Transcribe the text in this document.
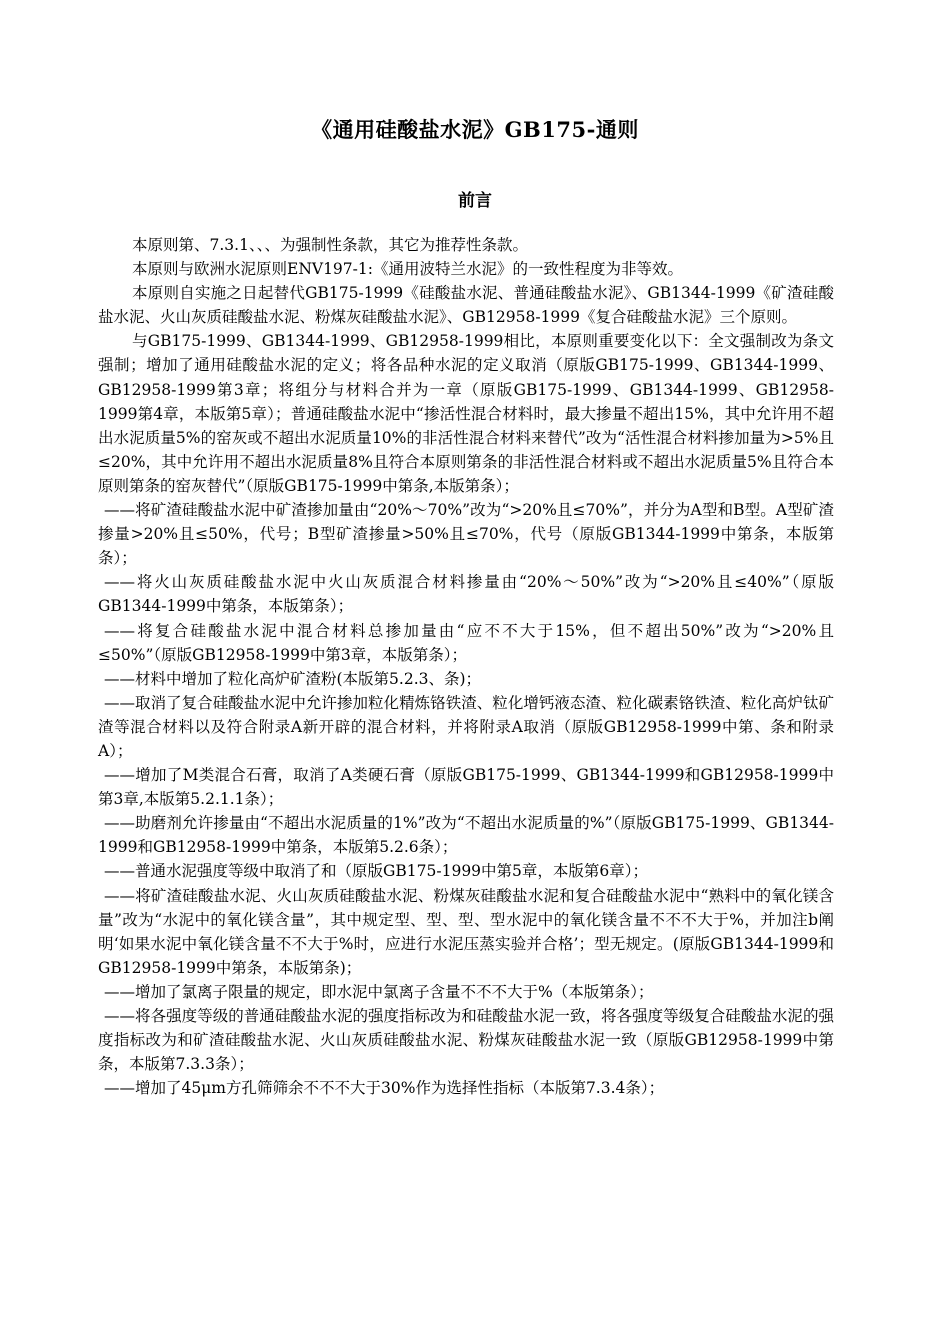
《通用硅酸盐水泥》GB175-通则
前言

本原则第、7.3.1、、、为强制性条款，其它为推荐性条款。

本原则与欧洲水泥原则ENV197-1:《通用波特兰水泥》的一致性程度为非等效。

本原则自实施之日起替代GB175-1999《硅酸盐水泥、普通硅酸盐水泥》、GB1344-1999《矿渣硅酸盐水泥、火山灰质硅酸盐水泥、粉煤灰硅酸盐水泥》、GB12958-1999《复合硅酸盐水泥》三个原则。

与GB175-1999、GB1344-1999、GB12958-1999相比，本原则重要变化以下：全文强制改为条文强制；增加了通用硅酸盐水泥的定义；将各品种水泥的定义取消（原版GB175-1999、GB1344-1999、GB12958-1999第3章；将组分与材料合并为一章（原版GB175-1999、GB1344-1999、GB12958-1999第4章，本版第5章）；普通硅酸盐水泥中“掺活性混合材料时，最大掺量不超出15%，其中允许用不超出水泥质量5%的窑灰或不超出水泥质量10%的非活性混合材料来替代”改为“活性混合材料掺加量为>5%且≤20%，其中允许用不超出水泥质量8%且符合本原则第条的非活性混合材料或不超出水泥质量5%且符合本原则第条的窑灰替代”（原版GB175-1999中第条,本版第条）；

——将矿渣硅酸盐水泥中矿渣掺加量由“20%～70%”改为“>20%且≤70%”，并分为A型和B型。A型矿渣掺量>20%且≤50%，代号；B型矿渣掺量>50%且≤70%，代号（原版GB1344-1999中第条，本版第条）；

——将火山灰质硅酸盐水泥中火山灰质混合材料掺量由“20%～50%”改为“>20%且≤40%”（原版GB1344-1999中第条，本版第条）；

——将复合硅酸盐水泥中混合材料总掺加量由“应不不大于15%，但不超出50%”改为“>20%且≤50%”（原版GB12958-1999中第3章，本版第条）；

——材料中增加了粒化高炉矿渣粉(本版第5.2.3、条)；

——取消了复合硅酸盐水泥中允许掺加粒化精炼铬铁渣、粒化增钙液态渣、粒化碳素铬铁渣、粒化高炉钛矿渣等混合材料以及符合附录A新开辟的混合材料，并将附录A取消（原版GB12958-1999中第、条和附录A）；

——增加了M类混合石膏，取消了A类硬石膏（原版GB175-1999、GB1344-1999和GB12958-1999中第3章,本版第5.2.1.1条）；

——助磨剂允许掺量由“不超出水泥质量的1%”改为“不超出水泥质量的%”（原版GB175-1999、GB1344-1999和GB12958-1999中第条，本版第5.2.6条）；

——普通水泥强度等级中取消了和（原版GB175-1999中第5章，本版第6章）；

——将矿渣硅酸盐水泥、火山灰质硅酸盐水泥、粉煤灰硅酸盐水泥和复合硅酸盐水泥中“熟料中的氧化镁含量”改为“水泥中的氧化镁含量”，其中规定型、型、型、型水泥中的氧化镁含量不不不大于%，并加注b阐明‘如果水泥中氧化镁含量不不大于%时，应进行水泥压蒸实验并合格’；型无规定。(原版GB1344-1999和GB12958-1999中第条，本版第条)；

——增加了氯离子限量的规定，即水泥中氯离子含量不不不大于%（本版第条）；

——将各强度等级的普通硅酸盐水泥的强度指标改为和硅酸盐水泥一致，将各强度等级复合硅酸盐水泥的强度指标改为和矿渣硅酸盐水泥、火山灰质硅酸盐水泥、粉煤灰硅酸盐水泥一致（原版GB12958-1999中第条，本版第7.3.3条）；

——增加了45μm方孔筛筛余不不不大于30%作为选择性指标（本版第7.3.4条）；
